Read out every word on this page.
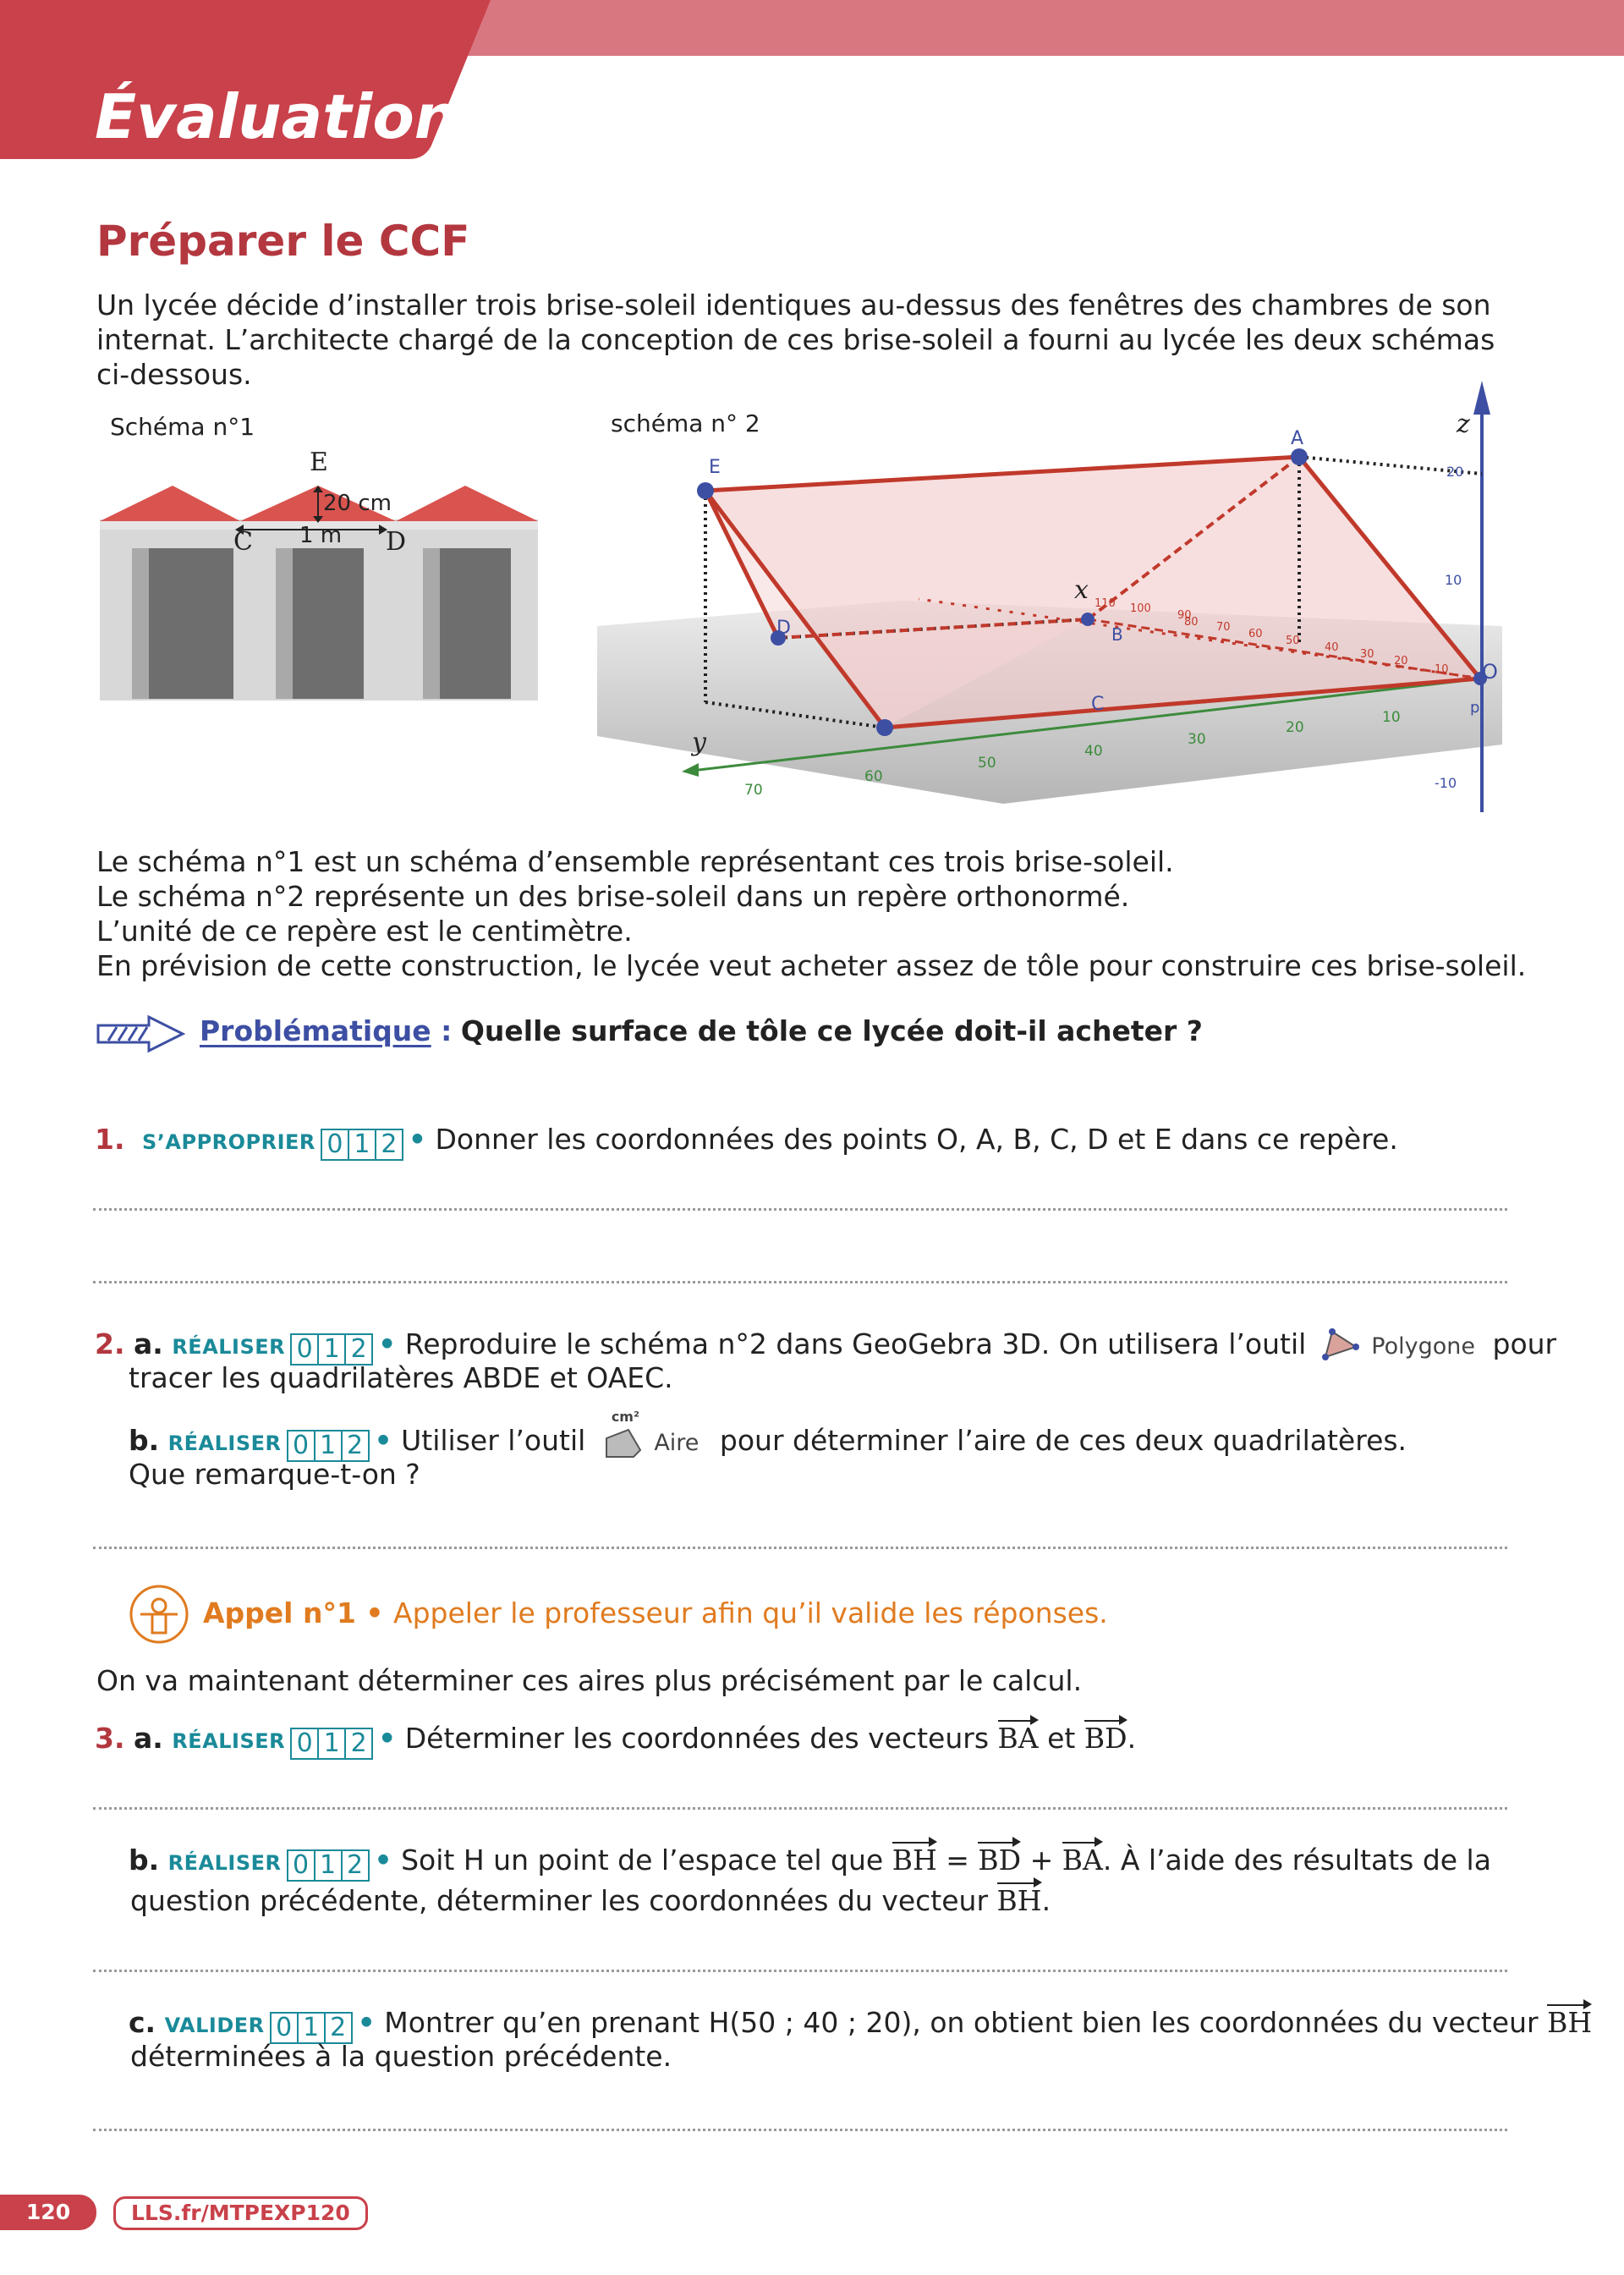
Évaluation
Préparer le CCF
Un lycée décide d’installer trois brise-soleil identiques au-dessus des fenêtres des chambres de son
internat. L’architecte chargé de la conception de ces brise-soleil a fourni au lycée les deux schémas
ci-dessous.
Schéma n°1
E
20 cm
C 1 m D
schéma n° 2
E
A
D	B
C
O
p
z
x
y
20
10
-10
70
60
50
40
30
20
10
110 100
90
80 70
60
50
40
30
20
10
Le schéma n°1 est un schéma d’ensemble représentant ces trois brise-soleil.
Le schéma n°2 représente un des brise-soleil dans un repère orthonormé.
L’unité de ce repère est le centimètre.
En prévision de cette construction, le lycée veut acheter assez de tôle pour construire ces brise-soleil.
Problématique : Quelle surface de tôle ce lycée doit-il acheter ?
1. S’APPROPRIER 0 1 2 • Donner les coordonnées des points O, A, B, C, D et E dans ce repère.
2. a. RÉALISER 0 1 2 • Reproduire le schéma n°2 dans GeoGebra 3D. On utilisera l’outil	Polygone pour
tracer les quadrilatères ABDE et OAEC.
b. RÉALISER 0 1 2 • Utiliser l’outil
cm²
Aire pour déterminer l’aire de ces deux quadrilatères.
Que remarque-t-on ?
Appel n°1 • Appeler le professeur afin qu’il valide les réponses.
On va maintenant déterminer ces aires plus précisément par le calcul.
3. a. RÉALISER 0 1 2 • Déterminer les coordonnées des vecteurs BA et BD.
b. RÉALISER 0 1 2 • Soit H un point de l’espace tel que BH = BD + BA. À l’aide des résultats de la
question précédente, déterminer les coordonnées du vecteur BH.
c. VALIDER 0 1 2 • Montrer qu’en prenant H(50 ; 40 ; 20), on obtient bien les coordonnées du vecteur BH
déterminées à la question précédente.
120	LLS.fr/MTPEXP120
